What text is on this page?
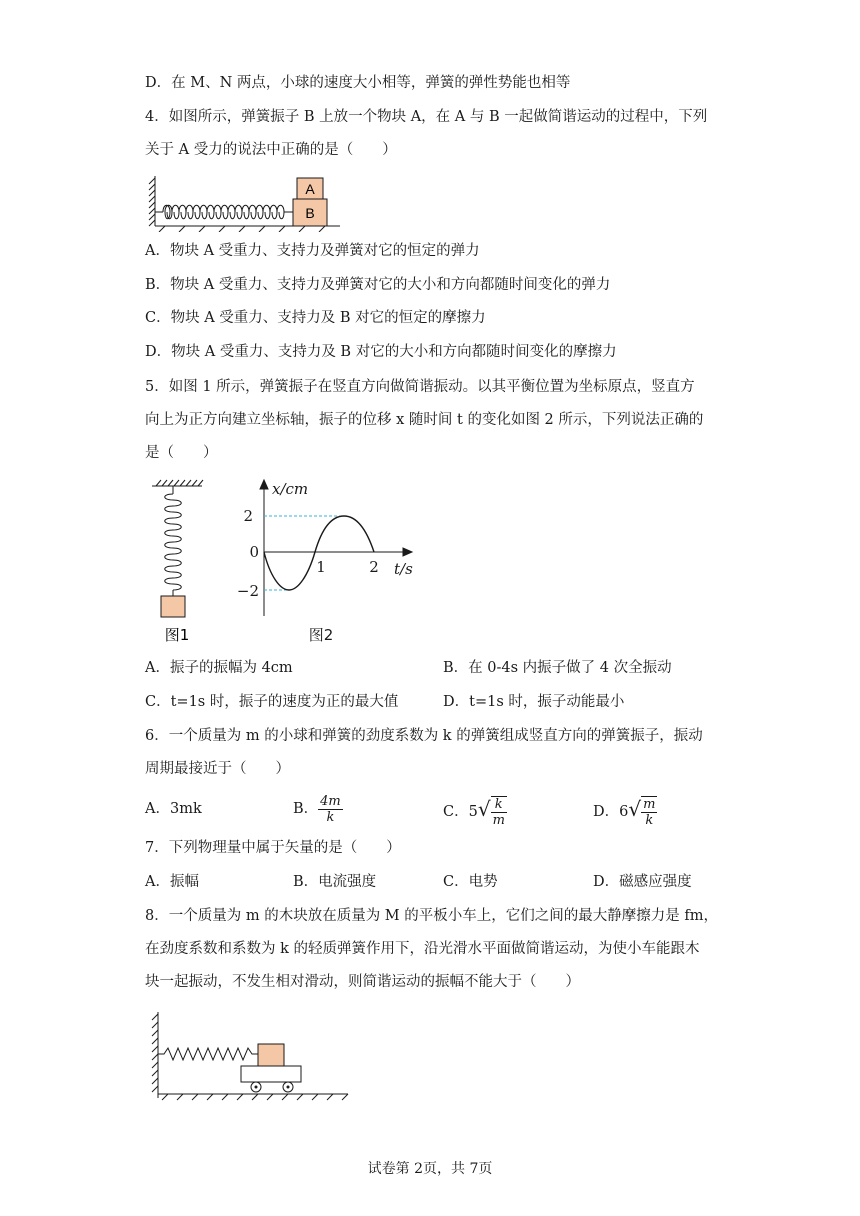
D．在 M、N 两点，小球的速度大小相等，弹簧的弹性势能也相等
4．如图所示，弹簧振子 B 上放一个物块 A，在 A 与 B 一起做简谐运动的过程中，下列
关于 A 受力的说法中正确的是（　　）
A
B
A．物块 A 受重力、支持力及弹簧对它的恒定的弹力
B．物块 A 受重力、支持力及弹簧对它的大小和方向都随时间变化的弹力
C．物块 A 受重力、支持力及 B 对它的恒定的摩擦力
D．物块 A 受重力、支持力及 B 对它的大小和方向都随时间变化的摩擦力
5．如图 1 所示，弹簧振子在竖直方向做简谐振动。以其平衡位置为坐标原点，竖直方
向上为正方向建立坐标轴，振子的位移 x 随时间 t 的变化如图 2 所示，下列说法正确的
是（　　）
图1
x/cm
2
0
−2
1	2 t/s
图2
A．振子的振幅为 4cm	B．在 0-4s 内振子做了 4 次全振动
C．t=1s 时，振子的速度为正的最大值	D．t=1s 时，振子动能最小
6．一个质量为 m 的小球和弹簧的劲度系数为 k 的弹簧组成竖直方向的弹簧振子，振动
周期最接近于（　　）
A．3mk	B． $\frac{4m}{k}$	C．$5√ \frac{k}{m}$	D．$6√ \frac{m}{k}$
7．下列物理量中属于矢量的是（　　）
A．振幅	B．电流强度	C．电势	D．磁感应强度
8．一个质量为 m 的木块放在质量为 M 的平板小车上，它们之间的最大静摩擦力是 fm，
在劲度系数和系数为 k 的轻质弹簧作用下，沿光滑水平面做简谐运动，为使小车能跟木
块一起振动，不发生相对滑动，则简谐运动的振幅不能大于（　　）
试卷第 2页，共 7页
